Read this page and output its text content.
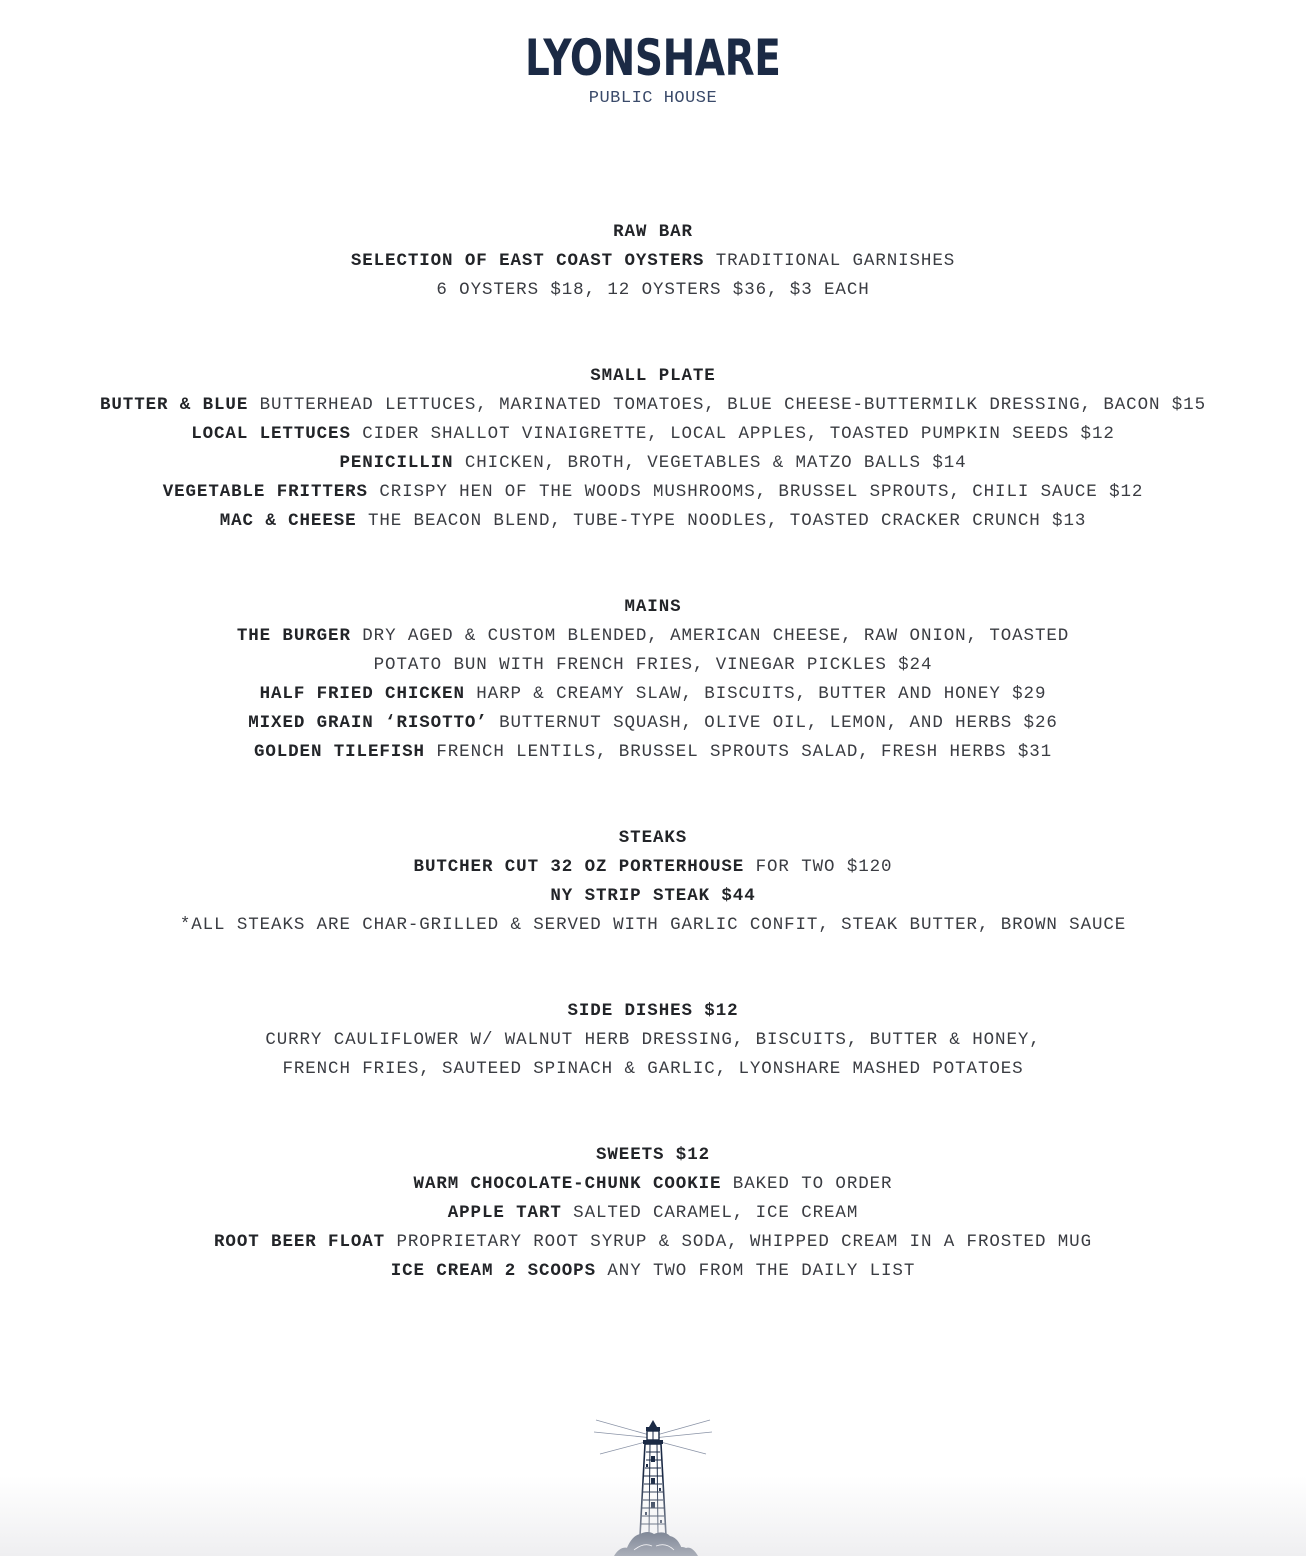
LYONSHARE
PUBLIC HOUSE
RAW BAR
SELECTION OF EAST COAST OYSTERS TRADITIONAL GARNISHES
6 OYSTERS $18, 12 OYSTERS $36, $3 EACH
SMALL PLATE
BUTTER & BLUE BUTTERHEAD LETTUCES, MARINATED TOMATOES, BLUE CHEESE-BUTTERMILK DRESSING, BACON $15
LOCAL LETTUCES CIDER SHALLOT VINAIGRETTE, LOCAL APPLES, TOASTED PUMPKIN SEEDS $12
PENICILLIN CHICKEN, BROTH, VEGETABLES & MATZO BALLS $14
VEGETABLE FRITTERS CRISPY HEN OF THE WOODS MUSHROOMS, BRUSSEL SPROUTS, CHILI SAUCE $12
MAC & CHEESE THE BEACON BLEND, TUBE-TYPE NOODLES, TOASTED CRACKER CRUNCH $13
MAINS
THE BURGER DRY AGED & CUSTOM BLENDED, AMERICAN CHEESE, RAW ONION, TOASTED
POTATO BUN WITH FRENCH FRIES, VINEGAR PICKLES $24
HALF FRIED CHICKEN HARP & CREAMY SLAW, BISCUITS, BUTTER AND HONEY $29
MIXED GRAIN ‘RISOTTO’ BUTTERNUT SQUASH, OLIVE OIL, LEMON, AND HERBS $26
GOLDEN TILEFISH FRENCH LENTILS, BRUSSEL SPROUTS SALAD, FRESH HERBS $31
STEAKS
BUTCHER CUT 32 OZ PORTERHOUSE FOR TWO $120
NY STRIP STEAK $44
*ALL STEAKS ARE CHAR-GRILLED & SERVED WITH GARLIC CONFIT, STEAK BUTTER, BROWN SAUCE
SIDE DISHES $12
CURRY CAULIFLOWER W/ WALNUT HERB DRESSING, BISCUITS, BUTTER & HONEY,
FRENCH FRIES, SAUTEED SPINACH & GARLIC, LYONSHARE MASHED POTATOES
SWEETS $12
WARM CHOCOLATE-CHUNK COOKIE BAKED TO ORDER
APPLE TART SALTED CARAMEL, ICE CREAM
ROOT BEER FLOAT PROPRIETARY ROOT SYRUP & SODA, WHIPPED CREAM IN A FROSTED MUG
ICE CREAM 2 SCOOPS ANY TWO FROM THE DAILY LIST
